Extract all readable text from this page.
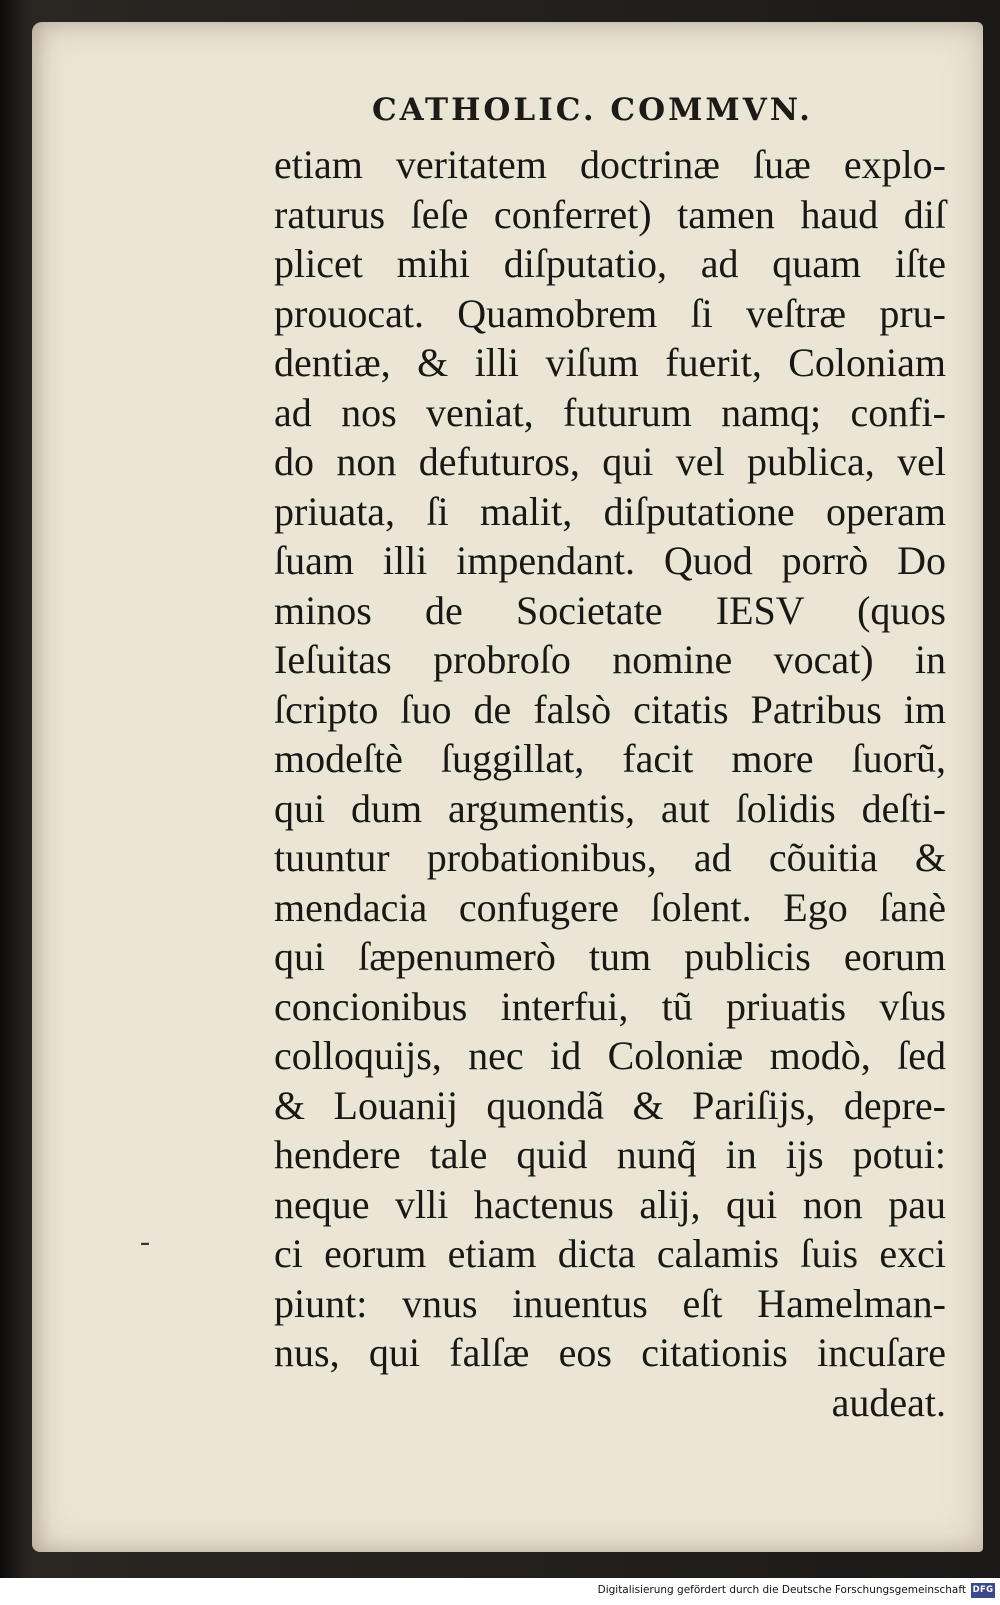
CATHOLIC. COMMVN.

etiam veritatem doctrinæ ſuæ explo-
raturus ſeſe conferret) tamen haud diſ
plicet mihi diſputatio, ad quam iſte
prouocat. Quamobrem ſi veſtræ pru-
dentiæ, & illi viſum fuerit, Coloniam
ad nos veniat, futurum namq; confi-
do non defuturos, qui vel publica, vel
priuata, ſi malit, diſputatione operam
ſuam illi impendant. Quod porrò Do
minos de Societate IESV (quos
Ieſuitas probroſo nomine vocat) in
ſcripto ſuo de falsò citatis Patribus im
modeſtè ſuggillat, facit more ſuorũ,
qui dum argumentis, aut ſolidis deſti-
tuuntur probationibus, ad cõuitia &
mendacia confugere ſolent. Ego ſanè
qui ſæpenumerò tum publicis eorum
concionibus interfui, tũ priuatis vſus
colloquijs, nec id Coloniæ modò, ſed
& Louanij quondã & Pariſijs, depre-
hendere tale quid nunq̃ in ijs potui:
neque vlli hactenus alij, qui non pau
ci eorum etiam dicta calamis ſuis exci
piunt: vnus inuentus eſt Hamelman-
nus, qui falſæ eos citationis incuſare
audeat.

-

Digitalisierung gefördert durch die Deutsche Forschungsgemeinschaft DFG
